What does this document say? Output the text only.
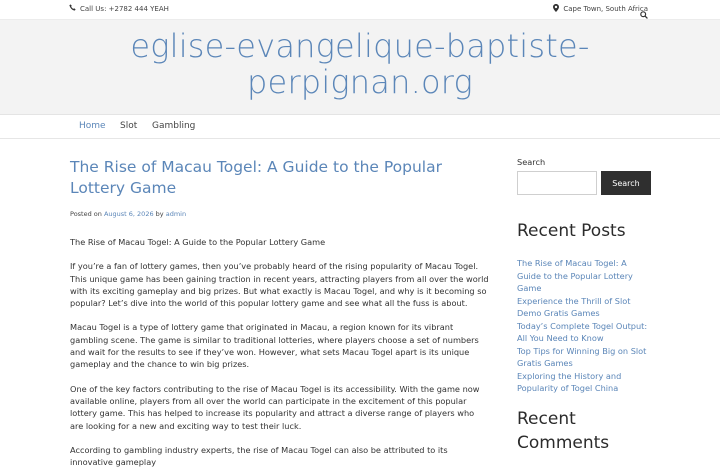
Call Us: +2782 444 YEAH	Cape Town, South Africa
eglise-evangelique-baptiste-
perpignan.org
Home Slot Gambling
The Rise of Macau Togel: A Guide to the Popular Lottery Game
Posted on August 6, 2026 by admin

The Rise of Macau Togel: A Guide to the Popular Lottery Game

If you’re a fan of lottery games, then you’ve probably heard of the rising popularity of Macau Togel. This unique game has been gaining traction in recent years, attracting players from all over the world with its exciting gameplay and big prizes. But what exactly is Macau Togel, and why is it becoming so popular? Let’s dive into the world of this popular lottery game and see what all the fuss is about.

Macau Togel is a type of lottery game that originated in Macau, a region known for its vibrant gambling scene. The game is similar to traditional lotteries, where players choose a set of numbers and wait for the results to see if they’ve won. However, what sets Macau Togel apart is its unique gameplay and the chance to win big prizes.

One of the key factors contributing to the rise of Macau Togel is its accessibility. With the game now available online, players from all over the world can participate in the excitement of this popular lottery game. This has helped to increase its popularity and attract a diverse range of players who are looking for a new and exciting way to test their luck.

According to gambling industry experts, the rise of Macau Togel can also be attributed to its innovative gameplay

Search
Search
Recent Posts
The Rise of Macau Togel: A Guide to the Popular Lottery Game
Experience the Thrill of Slot Demo Gratis Games
Today’s Complete Togel Output: All You Need to Know
Top Tips for Winning Big on Slot Gratis Games
Exploring the History and Popularity of Togel China
Recent Comments
